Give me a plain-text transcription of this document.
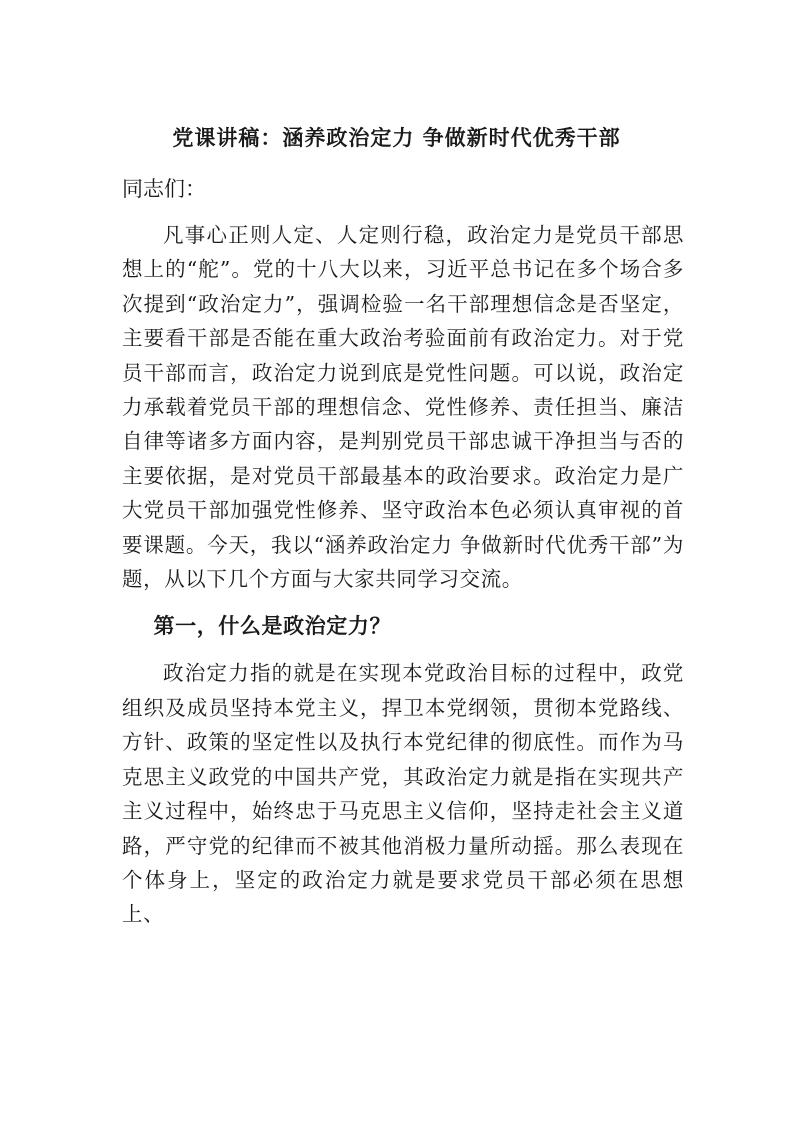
党课讲稿：涵养政治定力 争做新时代优秀干部

同志们：

凡事心正则人定、人定则行稳，政治定力是党员干部思想上的“舵”。党的十八大以来，习近平总书记在多个场合多次提到“政治定力”，强调检验一名干部理想信念是否坚定，主要看干部是否能在重大政治考验面前有政治定力。对于党员干部而言，政治定力说到底是党性问题。可以说，政治定力承载着党员干部的理想信念、党性修养、责任担当、廉洁自律等诸多方面内容，是判别党员干部忠诚干净担当与否的主要依据，是对党员干部最基本的政治要求。政治定力是广大党员干部加强党性修养、坚守政治本色必须认真审视的首要课题。今天，我以“涵养政治定力 争做新时代优秀干部”为题，从以下几个方面与大家共同学习交流。

第一，什么是政治定力？

政治定力指的就是在实现本党政治目标的过程中，政党组织及成员坚持本党主义，捍卫本党纲领，贯彻本党路线、方针、政策的坚定性以及执行本党纪律的彻底性。而作为马克思主义政党的中国共产党，其政治定力就是指在实现共产主义过程中，始终忠于马克思主义信仰，坚持走社会主义道路，严守党的纪律而不被其他消极力量所动摇。那么表现在个体身上，坚定的政治定力就是要求党员干部必须在思想上、
